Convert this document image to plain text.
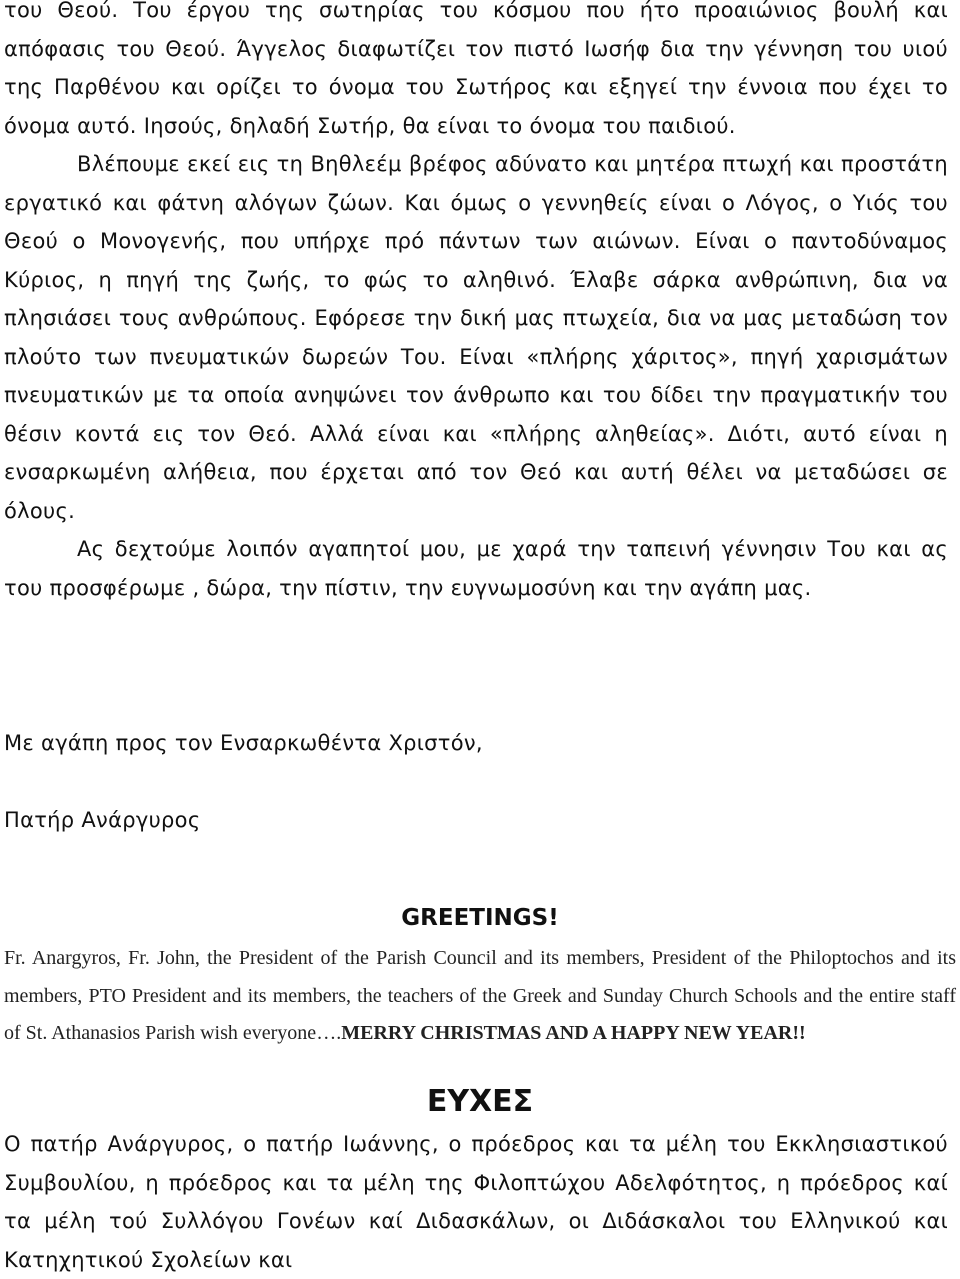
του Θεού. Του έργου της σωτηρίας του κόσμου που ήτο προαιώνιος βουλή και απόφασις του Θεού. Άγγελος διαφωτίζει τον πιστό Ιωσήφ δια την γέννηση του υιού της Παρθένου και ορίζει το όνομα του Σωτήρος και εξηγεί την έννοια που έχει το όνομα αυτό. Ιησούς, δηλαδή Σωτήρ, θα είναι το όνομα του παιδιού.

Βλέπουμε εκεί εις τη Βηθλεέμ βρέφος αδύνατο και μητέρα πτωχή και προστάτη εργατικό και φάτνη αλόγων ζώων. Και όμως ο γεννηθείς είναι ο Λόγος, ο Υιός του Θεού ο Μονογενής, που υπήρχε πρό πάντων των αιώνων. Είναι ο παντοδύναμος Κύριος, η πηγή της ζωής, το φώς το αληθινό. Έλαβε σάρκα ανθρώπινη, δια να πλησιάσει τους ανθρώπους. Εφόρεσε την δική μας πτωχεία, δια να μας μεταδώση τον πλούτο των πνευματικών δωρεών Του. Είναι «πλήρης χάριτος», πηγή χαρισμάτων πνευματικών με τα οποία ανηψώνει τον άνθρωπο και του δίδει την πραγματικήν του θέσιν κοντά εις τον Θεό. Αλλά είναι και «πλήρης αληθείας». Διότι, αυτό είναι η ενσαρκωμένη αλήθεια, που έρχεται από τον Θεό και αυτή θέλει να μεταδώσει σε όλους.

Ας δεχτούμε λοιπόν αγαπητοί μου, με χαρά την ταπεινή γέννησιν Του και ας του προσφέρωμε , δώρα, την πίστιν, την ευγνωμοσύνη και την αγάπη μας.

Με αγάπη προς τον Ενσαρκωθέντα Χριστόν,

Πατήρ Ανάργυρος

GREETINGS!

Fr. Anargyros, Fr. John, the President of the Parish Council and its members, President of the Philoptochos and its members, PTO President and its members, the teachers of the Greek and Sunday Church Schools and the entire staff of St. Athanasios Parish wish everyone….MERRY CHRISTMAS AND A HAPPY NEW YEAR!!

ΕΥΧΕΣ

Ο πατήρ Ανάργυρος, ο πατήρ Ιωάννης, ο πρόεδρος και τα μέλη του Εκκλησιαστικού Συμβουλίου, η πρόεδρος και τα μέλη της Φιλοπτώχου Αδελφότητος, η πρόεδρος καί τα μέλη τού Συλλόγου Γονέων καί Διδασκάλων, οι Διδάσκαλοι του Ελληνικού και Κατηχητικού Σχολείων και
